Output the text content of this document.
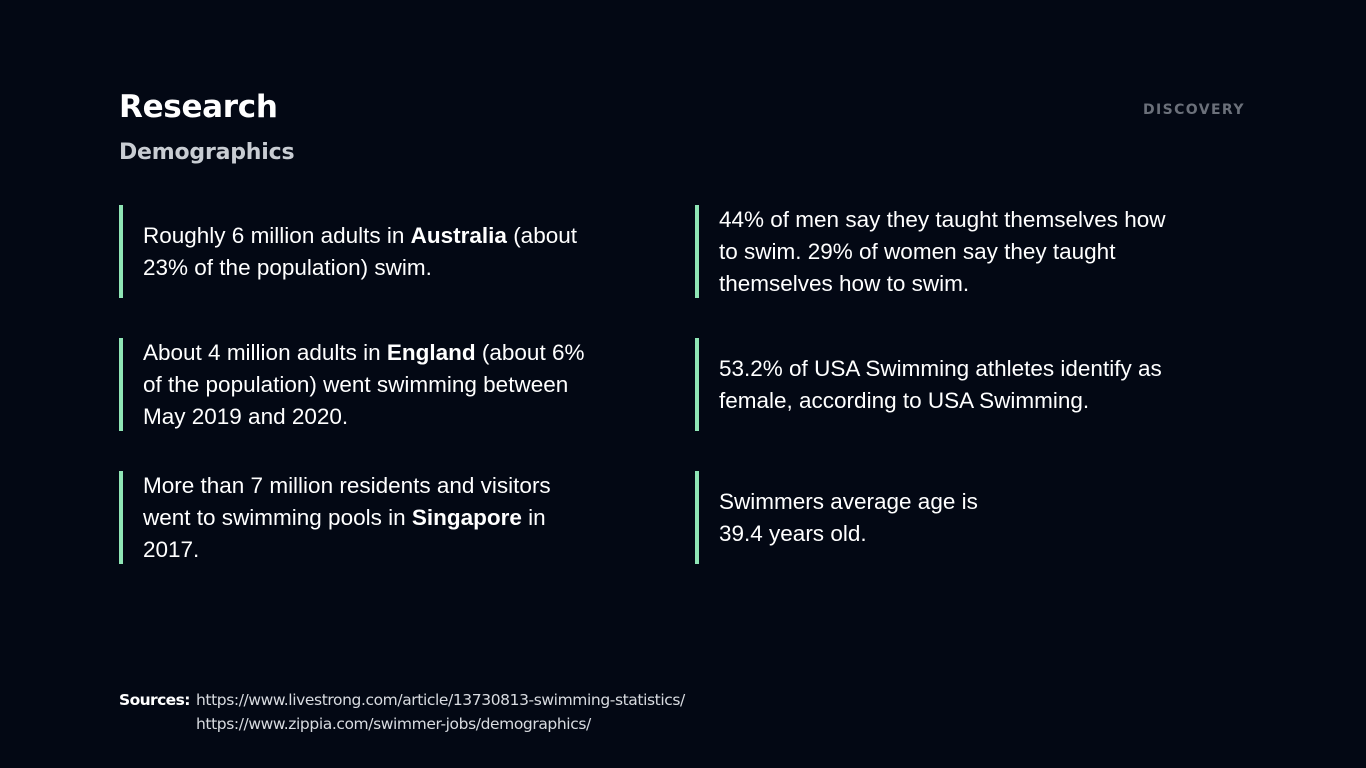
Research
Demographics
DISCOVERY
Roughly 6 million adults in Australia (about 23% of the population) swim.
About 4 million adults in England (about 6% of the population) went swimming between May 2019 and 2020.
More than 7 million residents and visitors went to swimming pools in Singapore in 2017.
44% of men say they taught themselves how to swim. 29% of women say they taught themselves how to swim.
53.2% of USA Swimming athletes identify as female, according to USA Swimming.
Swimmers average age is
39.4 years old.
Sources: https://www.livestrong.com/article/13730813-swimming-statistics/
https://www.zippia.com/swimmer-jobs/demographics/
